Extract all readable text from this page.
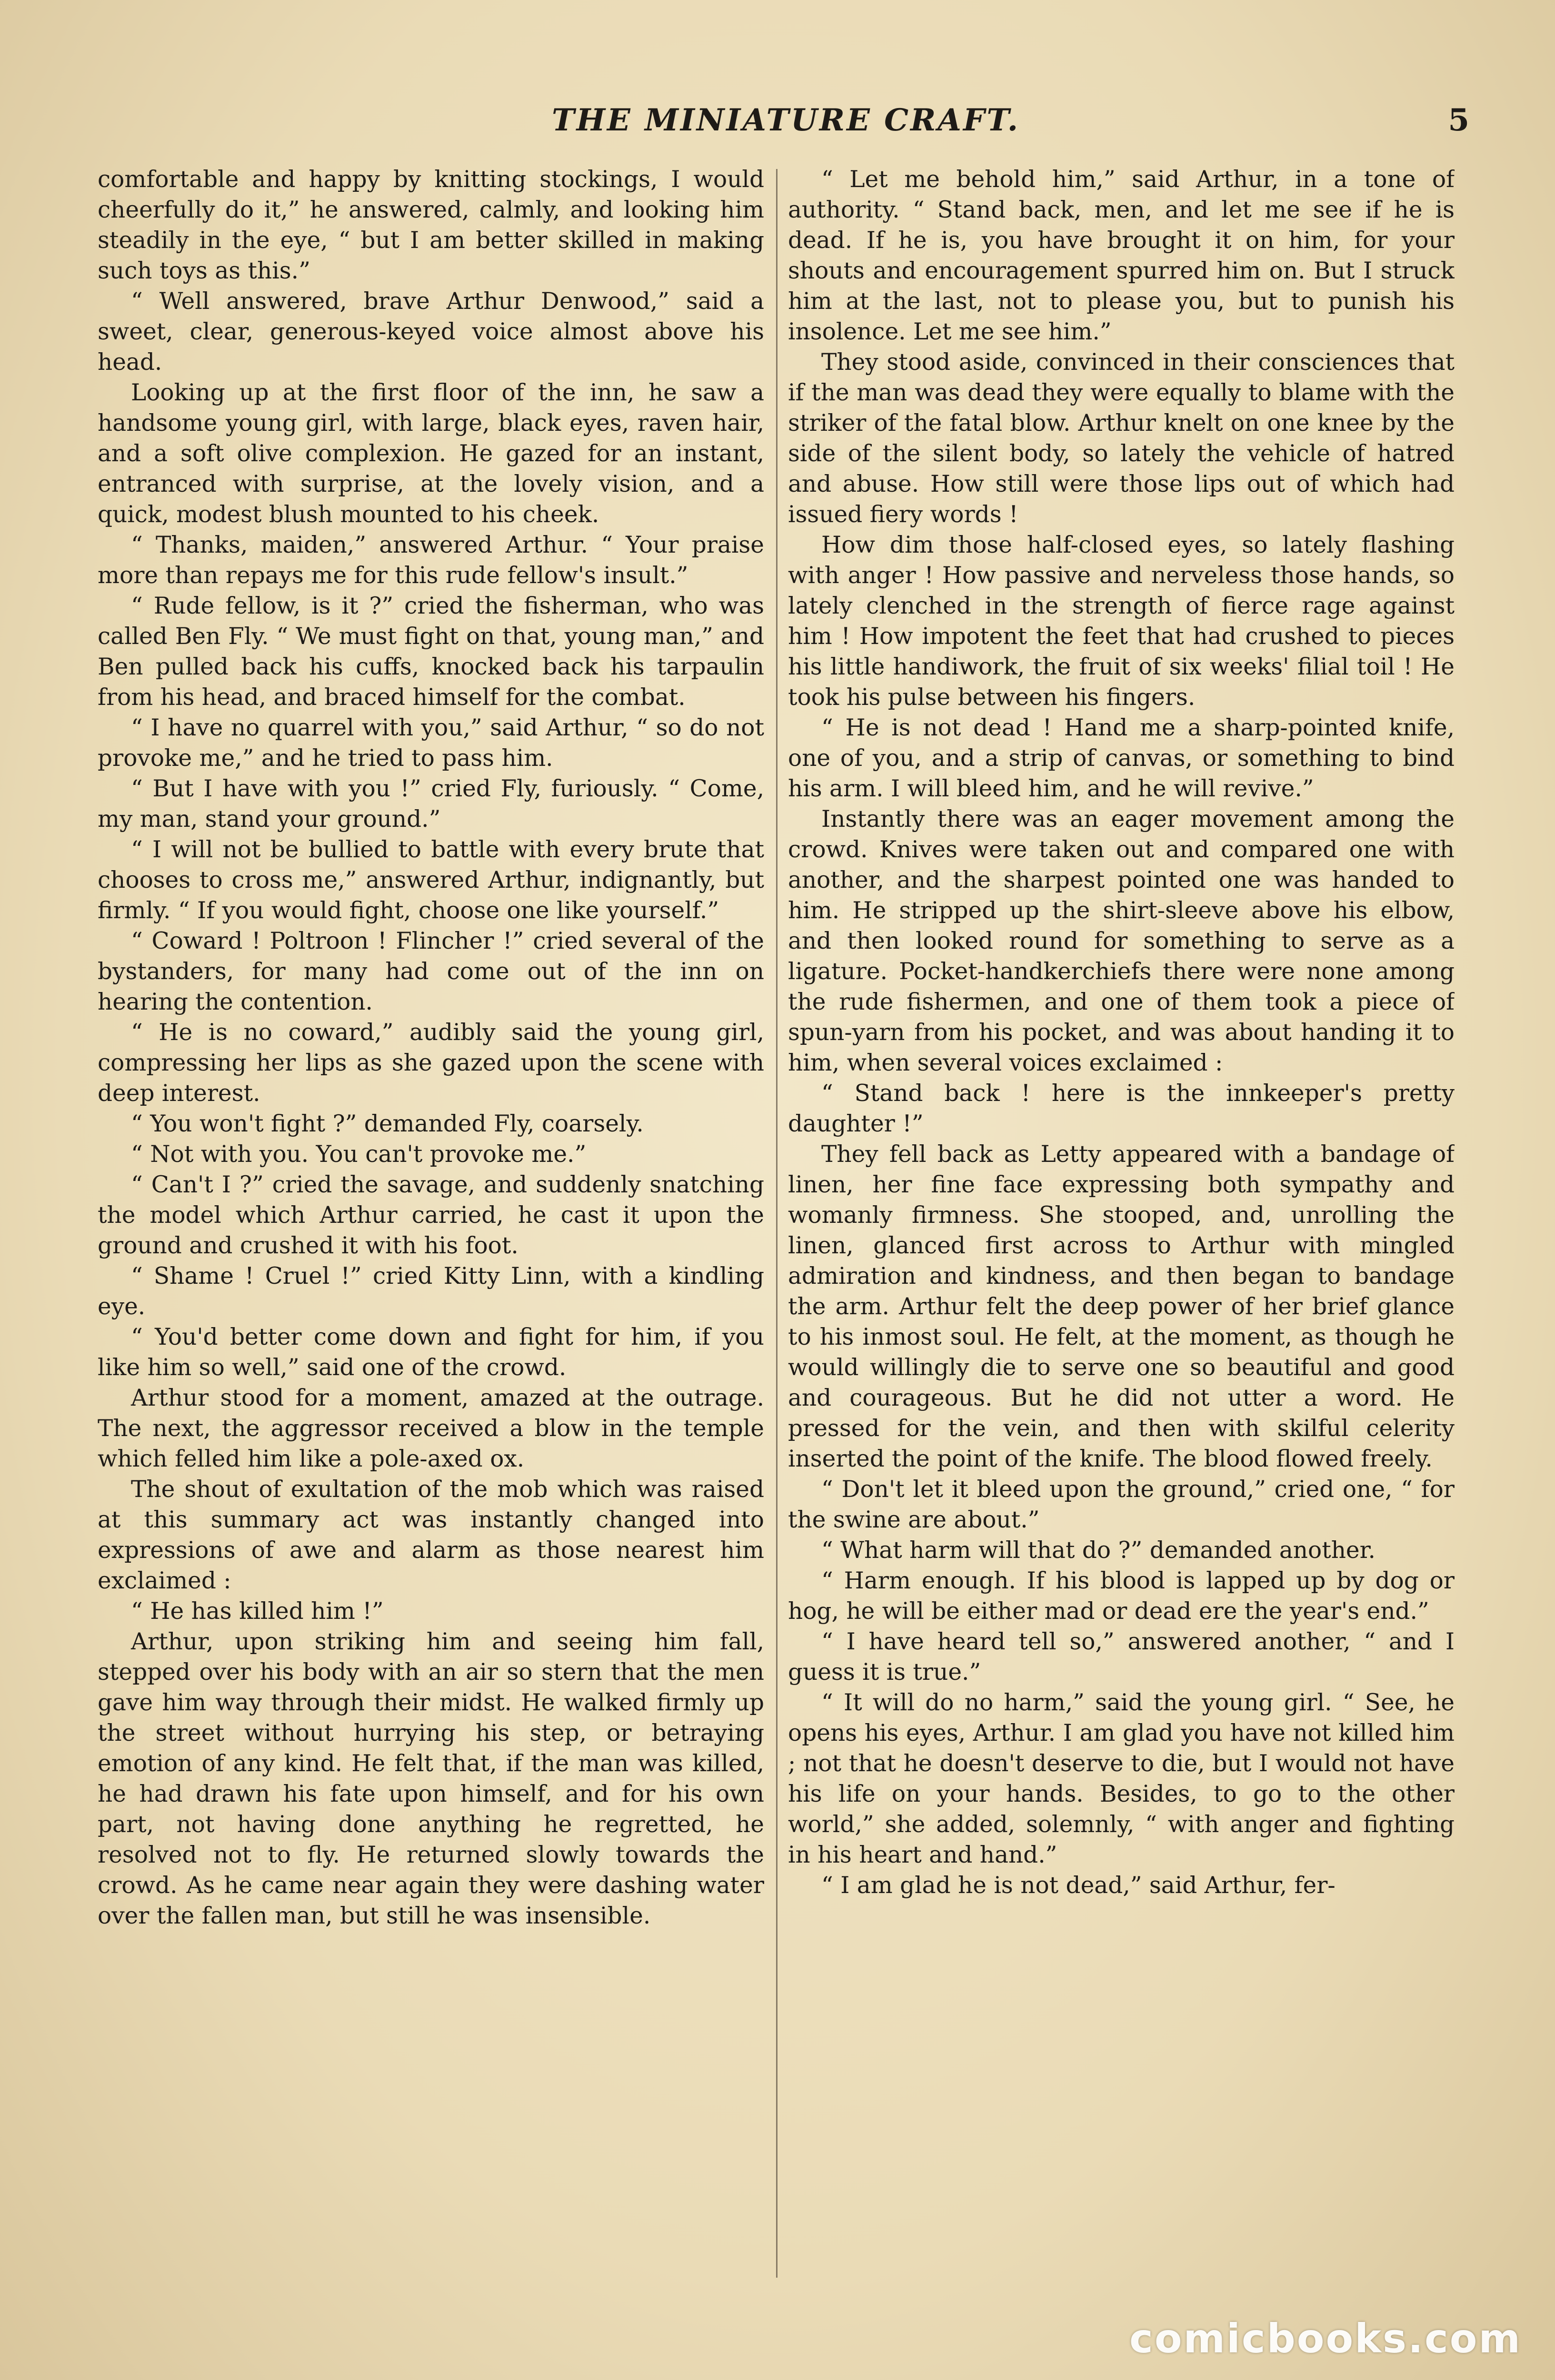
THE MINIATURE CRAFT.	5

comfortable and happy by knitting stockings, I would cheerfully do it,” he answered, calmly, and looking him steadily in the eye, “ but I am better skilled in making such toys as this.”

“ Well answered, brave Arthur Denwood,” said a sweet, clear, generous-keyed voice almost above his head.

Looking up at the first floor of the inn, he saw a handsome young girl, with large, black eyes, raven hair, and a soft olive complexion. He gazed for an instant, entranced with surprise, at the lovely vision, and a quick, modest blush mounted to his cheek.

“ Thanks, maiden,” answered Arthur. “ Your praise more than repays me for this rude fellow's insult.”

“ Rude fellow, is it ?” cried the fisherman, who was called Ben Fly. “ We must fight on that, young man,” and Ben pulled back his cuffs, knocked back his tarpaulin from his head, and braced himself for the combat.

“ I have no quarrel with you,” said Arthur, “ so do not provoke me,” and he tried to pass him.

“ But I have with you !” cried Fly, furiously. “ Come, my man, stand your ground.”

“ I will not be bullied to battle with every brute that chooses to cross me,” answered Arthur, indignantly, but firmly. “ If you would fight, choose one like yourself.”

“ Coward ! Poltroon ! Flincher !” cried several of the bystanders, for many had come out of the inn on hearing the contention.

“ He is no coward,” audibly said the young girl, compressing her lips as she gazed upon the scene with deep interest.

“ You won't fight ?” demanded Fly, coarsely.

“ Not with you. You can't provoke me.”

“ Can't I ?” cried the savage, and suddenly snatching the model which Arthur carried, he cast it upon the ground and crushed it with his foot.

“ Shame ! Cruel !” cried Kitty Linn, with a kindling eye.

“ You'd better come down and fight for him, if you like him so well,” said one of the crowd.

Arthur stood for a moment, amazed at the outrage. The next, the aggressor received a blow in the temple which felled him like a pole-axed ox.

The shout of exultation of the mob which was raised at this summary act was instantly changed into expressions of awe and alarm as those nearest him exclaimed :

“ He has killed him !”

Arthur, upon striking him and seeing him fall, stepped over his body with an air so stern that the men gave him way through their midst. He walked firmly up the street without hurrying his step, or betraying emotion of any kind. He felt that, if the man was killed, he had drawn his fate upon himself, and for his own part, not having done anything he regretted, he resolved not to fly. He returned slowly towards the crowd. As he came near again they were dashing water over the fallen man, but still he was insensible.

“ Let me behold him,” said Arthur, in a tone of authority. “ Stand back, men, and let me see if he is dead. If he is, you have brought it on him, for your shouts and encouragement spurred him on. But I struck him at the last, not to please you, but to punish his insolence. Let me see him.”

They stood aside, convinced in their consciences that if the man was dead they were equally to blame with the striker of the fatal blow. Arthur knelt on one knee by the side of the silent body, so lately the vehicle of hatred and abuse. How still were those lips out of which had issued fiery words !

How dim those half-closed eyes, so lately flashing with anger ! How passive and nerveless those hands, so lately clenched in the strength of fierce rage against him ! How impotent the feet that had crushed to pieces his little handiwork, the fruit of six weeks' filial toil ! He took his pulse between his fingers.

“ He is not dead ! Hand me a sharp-pointed knife, one of you, and a strip of canvas, or something to bind his arm. I will bleed him, and he will revive.”

Instantly there was an eager movement among the crowd. Knives were taken out and compared one with another, and the sharpest pointed one was handed to him. He stripped up the shirt-sleeve above his elbow, and then looked round for something to serve as a ligature. Pocket-handkerchiefs there were none among the rude fishermen, and one of them took a piece of spun-yarn from his pocket, and was about handing it to him, when several voices exclaimed :

“ Stand back ! here is the innkeeper's pretty daughter !”

They fell back as Letty appeared with a bandage of linen, her fine face expressing both sympathy and womanly firmness. She stooped, and, unrolling the linen, glanced first across to Arthur with mingled admiration and kindness, and then began to bandage the arm. Arthur felt the deep power of her brief glance to his inmost soul. He felt, at the moment, as though he would willingly die to serve one so beautiful and good and courageous. But he did not utter a word. He pressed for the vein, and then with skilful celerity inserted the point of the knife. The blood flowed freely.

“ Don't let it bleed upon the ground,” cried one, “ for the swine are about.”

“ What harm will that do ?” demanded another.

“ Harm enough. If his blood is lapped up by dog or hog, he will be either mad or dead ere the year's end.”

“ I have heard tell so,” answered another, “ and I guess it is true.”

“ It will do no harm,” said the young girl. “ See, he opens his eyes, Arthur. I am glad you have not killed him ; not that he doesn't deserve to die, but I would not have his life on your hands. Besides, to go to the other world,” she added, solemnly, “ with anger and fighting in his heart and hand.”

“ I am glad he is not dead,” said Arthur, fer-

comicbooks.com
